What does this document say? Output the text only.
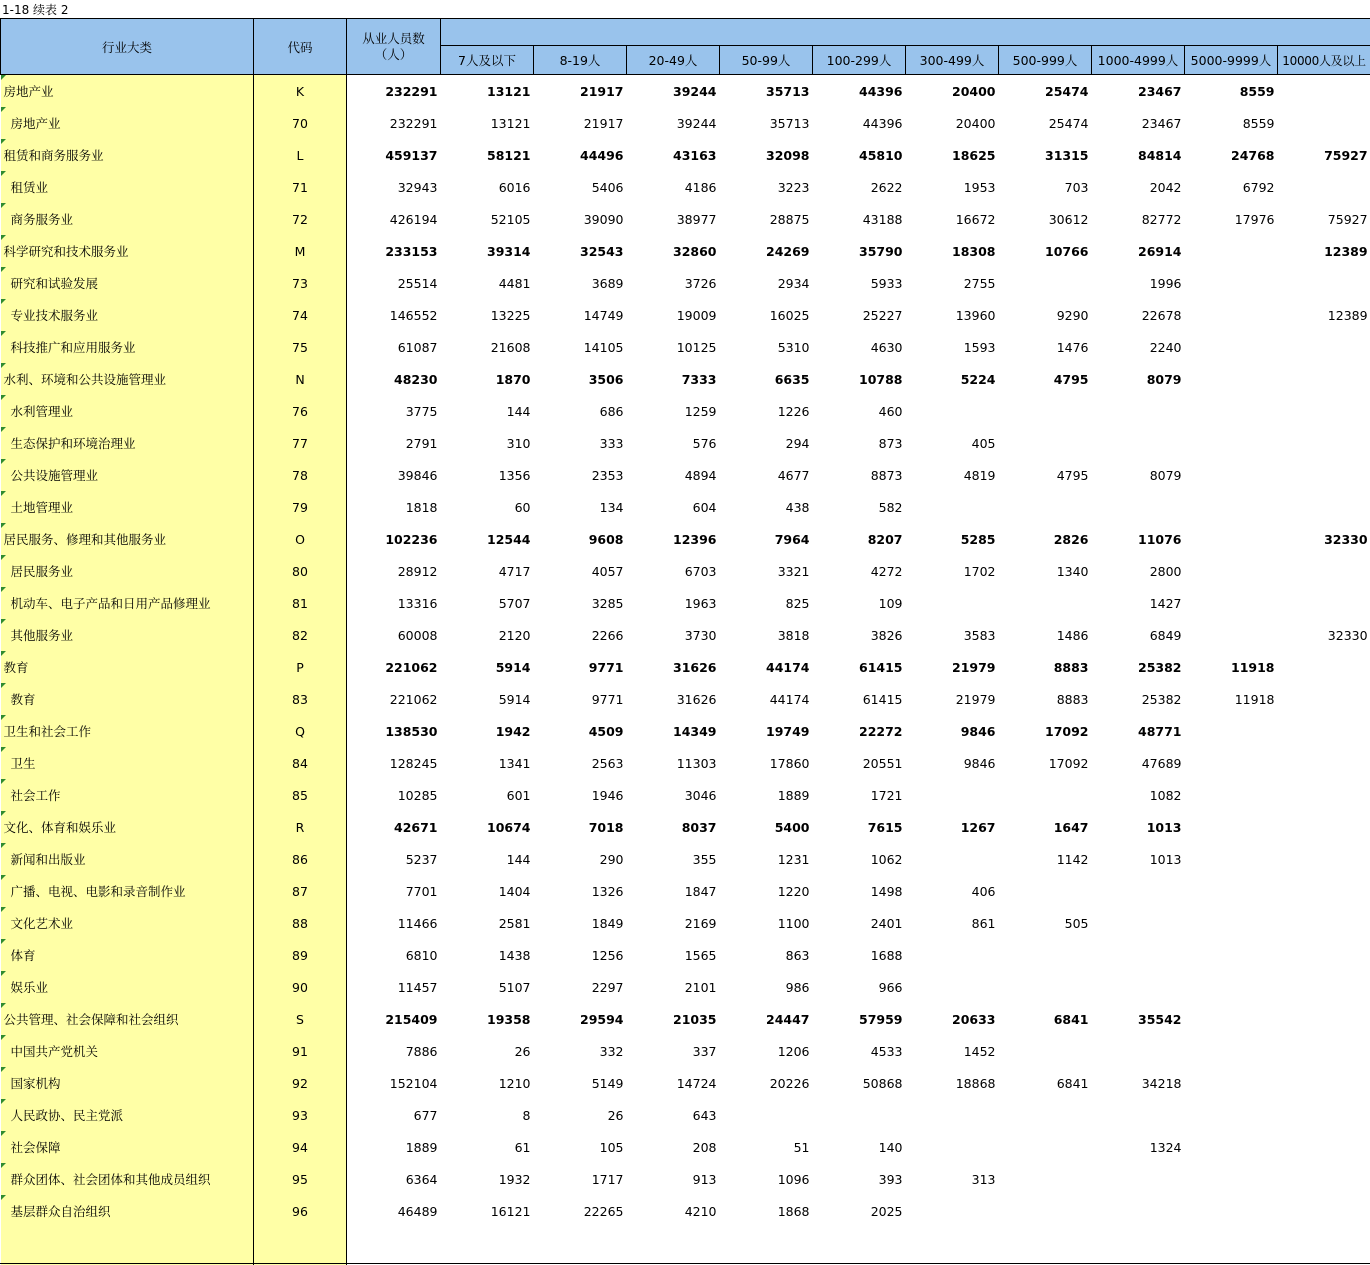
1-18 续表 2
行业大类	代码	从业人员数
（人）										
			7人及以下	8-19人	20-49人	50-99人	100-299人	300-499人	500-999人	1000-4999人	5000-9999人	10000人及以上
房地产业	K	232291	13121	21917	39244	35713	44396	20400	25474	23467	8559	
房地产业	70	232291	13121	21917	39244	35713	44396	20400	25474	23467	8559	
租赁和商务服务业	L	459137	58121	44496	43163	32098	45810	18625	31315	84814	24768	75927
租赁业	71	32943	6016	5406	4186	3223	2622	1953	703	2042	6792	
商务服务业	72	426194	52105	39090	38977	28875	43188	16672	30612	82772	17976	75927
科学研究和技术服务业	M	233153	39314	32543	32860	24269	35790	18308	10766	26914		12389
研究和试验发展	73	25514	4481	3689	3726	2934	5933	2755		1996		
专业技术服务业	74	146552	13225	14749	19009	16025	25227	13960	9290	22678		12389
科技推广和应用服务业	75	61087	21608	14105	10125	5310	4630	1593	1476	2240		
水利、环境和公共设施管理业	N	48230	1870	3506	7333	6635	10788	5224	4795	8079		
水利管理业	76	3775	144	686	1259	1226	460					
生态保护和环境治理业	77	2791	310	333	576	294	873	405				
公共设施管理业	78	39846	1356	2353	4894	4677	8873	4819	4795	8079		
土地管理业	79	1818	60	134	604	438	582					
居民服务、修理和其他服务业	O	102236	12544	9608	12396	7964	8207	5285	2826	11076		32330
居民服务业	80	28912	4717	4057	6703	3321	4272	1702	1340	2800		
机动车、电子产品和日用产品修理业	81	13316	5707	3285	1963	825	109			1427		
其他服务业	82	60008	2120	2266	3730	3818	3826	3583	1486	6849		32330
教育	P	221062	5914	9771	31626	44174	61415	21979	8883	25382	11918	
教育	83	221062	5914	9771	31626	44174	61415	21979	8883	25382	11918	
卫生和社会工作	Q	138530	1942	4509	14349	19749	22272	9846	17092	48771		
卫生	84	128245	1341	2563	11303	17860	20551	9846	17092	47689		
社会工作	85	10285	601	1946	3046	1889	1721			1082		
文化、体育和娱乐业	R	42671	10674	7018	8037	5400	7615	1267	1647	1013		
新闻和出版业	86	5237	144	290	355	1231	1062		1142	1013		
广播、电视、电影和录音制作业	87	7701	1404	1326	1847	1220	1498	406				
文化艺术业	88	11466	2581	1849	2169	1100	2401	861	505			
体育	89	6810	1438	1256	1565	863	1688					
娱乐业	90	11457	5107	2297	2101	986	966					
公共管理、社会保障和社会组织	S	215409	19358	29594	21035	24447	57959	20633	6841	35542		
中国共产党机关	91	7886	26	332	337	1206	4533	1452				
国家机构	92	152104	1210	5149	14724	20226	50868	18868	6841	34218		
人民政协、民主党派	93	677	8	26	643							
社会保障	94	1889	61	105	208	51	140			1324		
群众团体、社会团体和其他成员组织	95	6364	1932	1717	913	1096	393	313				
基层群众自治组织	96	46489	16121	22265	4210	1868	2025					
